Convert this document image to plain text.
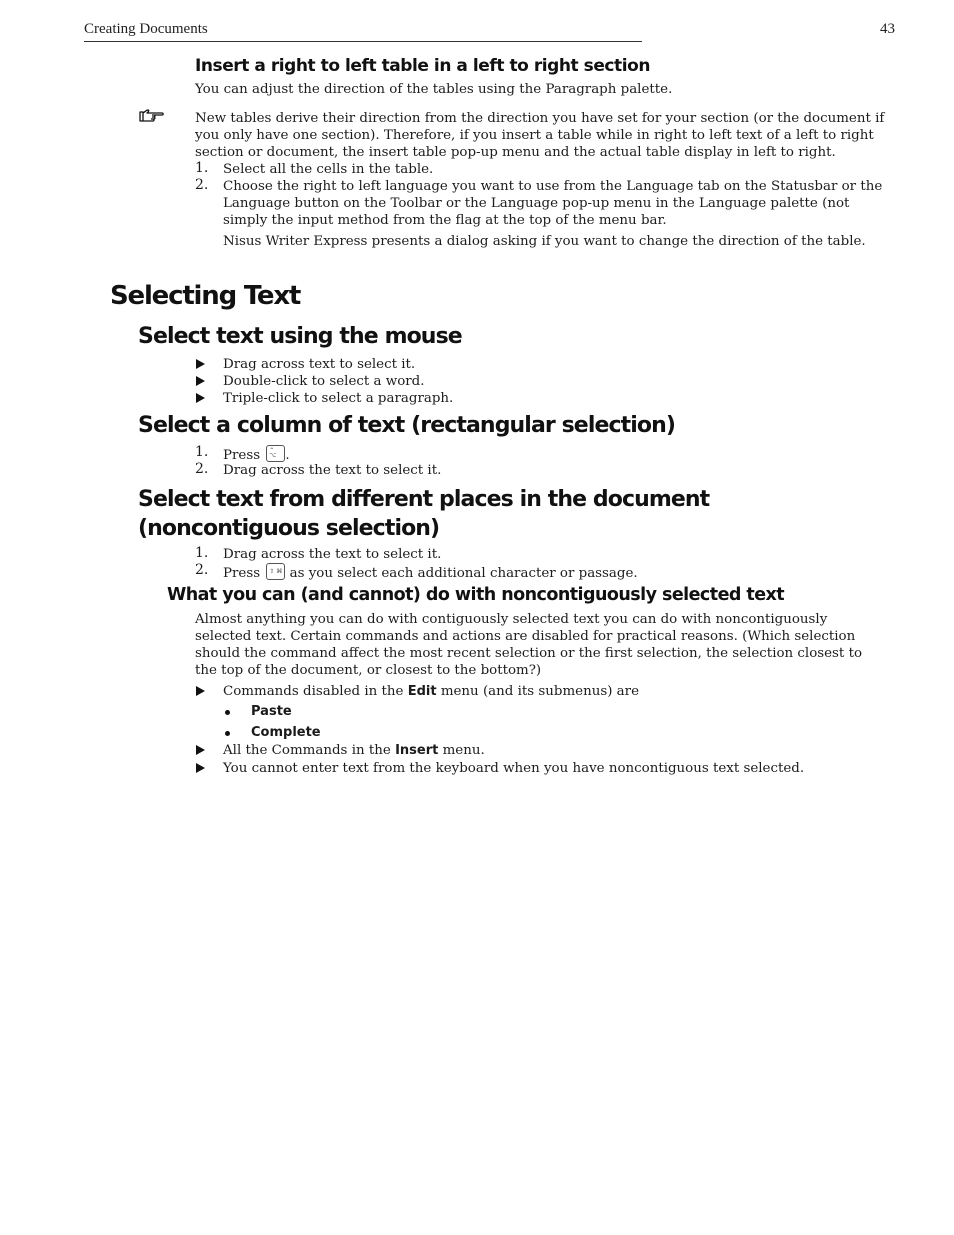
Creating Documents	43
Insert a right to left table in a left to right section
You can adjust the direction of the tables using the Paragraph palette.
New tables derive their direction from the direction you have set for your section (or the document if you only have one section). Therefore, if you insert a table while in right to left text of a left to right section or document, the insert table pop-up menu and the actual table display in left to right.
1. Select all the cells in the table.
2. Choose the right to left language you want to use from the Language tab on the Statusbar or the Language button on the Toolbar or the Language pop-up menu in the Language palette (not simply the input method from the flag at the top of the menu bar.
Nisus Writer Express presents a dialog asking if you want to change the direction of the table.
Selecting Text
Select text using the mouse
Drag across text to select it.
Double-click to select a word.
Triple-click to select a paragraph.
Select a column of text (rectangular selection)
1. Press ⌃
⌥ .
2. Drag across the text to select it.
Select text from different places in the document (noncontiguous selection)
1. Drag across the text to select it.
2. Press ⇧ ⌘ as you select each additional character or passage.
What you can (and cannot) do with noncontiguously selected text
Almost anything you can do with contiguously selected text you can do with noncontiguously selected text. Certain commands and actions are disabled for practical reasons. (Which selection should the command affect the most recent selection or the first selection, the selection closest to the top of the document, or closest to the bottom?)
Commands disabled in the Edit menu (and its submenus) are
Paste
Complete
All the Commands in the Insert menu.
You cannot enter text from the keyboard when you have noncontiguous text selected.
